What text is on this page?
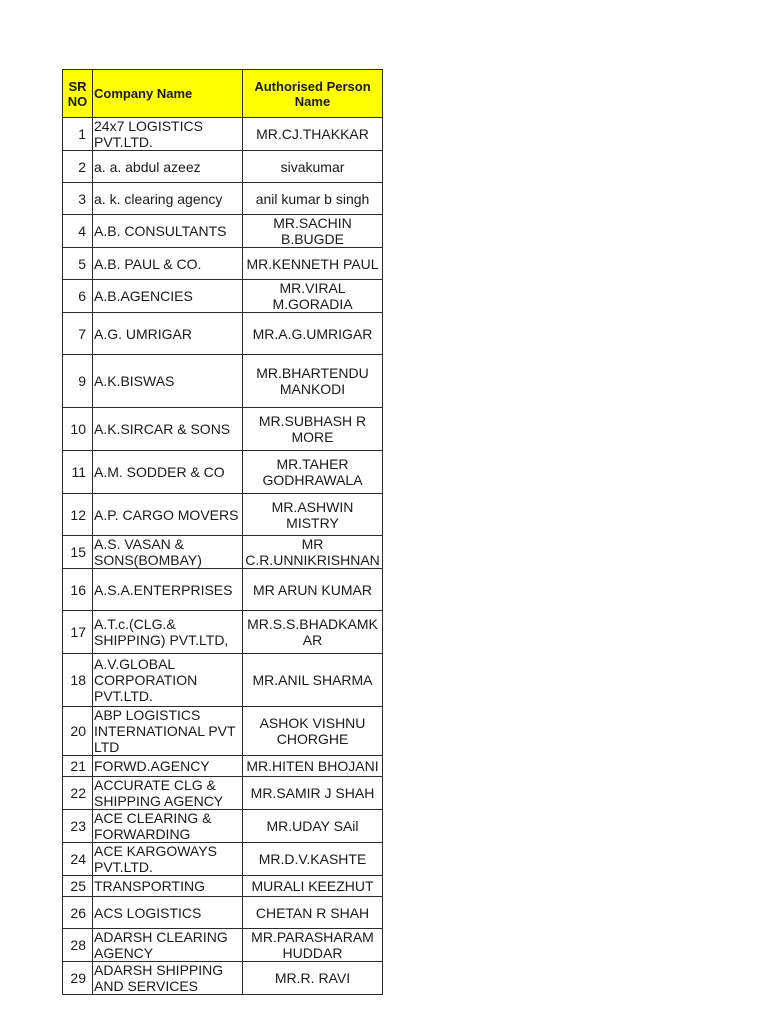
SR NO	Company Name	Authorised Person Name
1	24x7 LOGISTICS PVT.LTD.	MR.CJ.THAKKAR
2	a. a. abdul azeez	sivakumar
3	a. k. clearing agency	anil kumar b singh
4	A.B. CONSULTANTS	MR.SACHIN B.BUGDE
5	A.B. PAUL & CO.	MR.KENNETH PAUL
6	A.B.AGENCIES	MR.VIRAL M.GORADIA
7	A.G. UMRIGAR	MR.A.G.UMRIGAR
9	A.K.BISWAS	MR.BHARTENDU MANKODI
10	A.K.SIRCAR & SONS	MR.SUBHASH R MORE
11	A.M. SODDER & CO	MR.TAHER GODHRAWALA
12	A.P. CARGO MOVERS	MR.ASHWIN MISTRY
15	A.S. VASAN & SONS(BOMBAY)	MR C.R.UNNIKRISHNAN
16	A.S.A.ENTERPRISES	MR ARUN KUMAR
17	A.T.c.(CLG.& SHIPPING) PVT.LTD,	MR.S.S.BHADKAMK AR
18	A.V.GLOBAL CORPORATION PVT.LTD.	MR.ANIL SHARMA
20	ABP LOGISTICS INTERNATIONAL PVT LTD	ASHOK VISHNU CHORGHE
21	FORWD.AGENCY	MR.HITEN BHOJANI
22	ACCURATE CLG & SHIPPING AGENCY	MR.SAMIR J SHAH
23	ACE CLEARING & FORWARDING	MR.UDAY SAil
24	ACE KARGOWAYS PVT.LTD.	MR.D.V.KASHTE
25	TRANSPORTING	MURALI KEEZHUT
26	ACS LOGISTICS	CHETAN R SHAH
28	ADARSH CLEARING AGENCY	MR.PARASHARAM HUDDAR
29	ADARSH SHIPPING AND SERVICES	MR.R. RAVI
